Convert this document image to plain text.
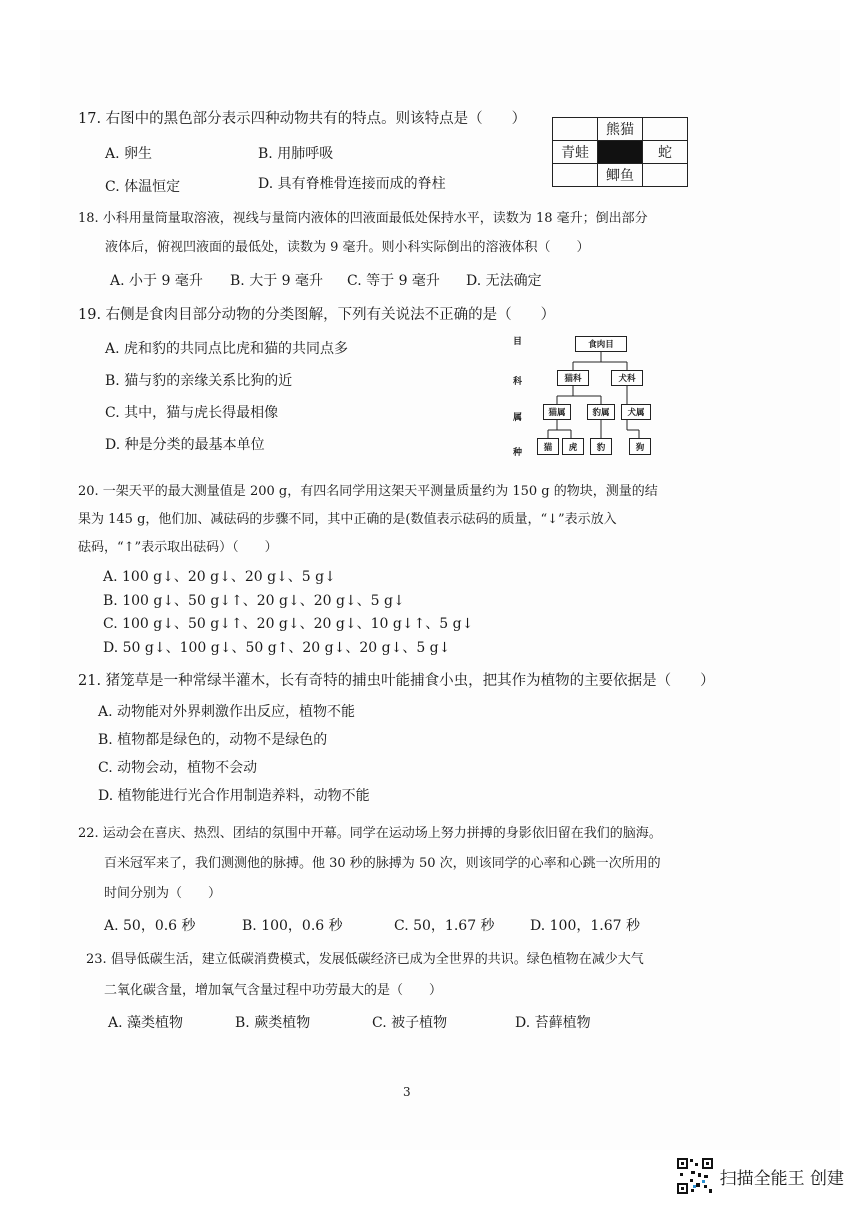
17. 右图中的黑色部分表示四种动物共有的特点。则该特点是（　　）
A. 卵生	B. 用肺呼吸
C. 体温恒定	D. 具有脊椎骨连接而成的脊柱
熊猫
青蛙	蛇
鲫鱼
18. 小科用量筒量取溶液，视线与量筒内液体的凹液面最低处保持水平，读数为 18 毫升；倒出部分
液体后，俯视凹液面的最低处，读数为 9 毫升。则小科实际倒出的溶液体积（　　）
A. 小于 9 毫升 B. 大于 9 毫升 C. 等于 9 毫升 D. 无法确定
19. 右侧是食肉目部分动物的分类图解，下列有关说法不正确的是（　　）
A. 虎和豹的共同点比虎和猫的共同点多
B. 猫与豹的亲缘关系比狗的近
C. 其中，猫与虎长得最相像
D. 种是分类的最基本单位
目
科
属
种
食肉目
猫科	犬科
猫属	豹属	犬属
猫	虎	豹	狗
20. 一架天平的最大测量值是 200 g，有四名同学用这架天平测量质量约为 150 g 的物块，测量的结
果为 145 g，他们加、减砝码的步骤不同，其中正确的是(数值表示砝码的质量，“↓”表示放入
砝码，“↑”表示取出砝码）（　　）
A. 100 g↓、20 g↓、20 g↓、5 g↓
B. 100 g↓、50 g↓↑、20 g↓、20 g↓、5 g↓
C. 100 g↓、50 g↓↑、20 g↓、20 g↓、10 g↓↑、5 g↓
D. 50 g↓、100 g↓、50 g↑、20 g↓、20 g↓、5 g↓
21. 猪笼草是一种常绿半灌木，长有奇特的捕虫叶能捕食小虫，把其作为植物的主要依据是（　　）
A. 动物能对外界刺激作出反应，植物不能
B. 植物都是绿色的，动物不是绿色的
C. 动物会动，植物不会动
D. 植物能进行光合作用制造养料，动物不能
22. 运动会在喜庆、热烈、团结的氛围中开幕。同学在运动场上努力拼搏的身影依旧留在我们的脑海。
百米冠军来了，我们测测他的脉搏。他 30 秒的脉搏为 50 次，则该同学的心率和心跳一次所用的
时间分别为（　　）
A. 50，0.6 秒	B. 100，0.6 秒	C. 50，1.67 秒	D. 100，1.67 秒
23. 倡导低碳生活，建立低碳消费模式，发展低碳经济已成为全世界的共识。绿色植物在减少大气
二氧化碳含量，增加氧气含量过程中功劳最大的是（　　）
A. 藻类植物	B. 蕨类植物	C. 被子植物	D. 苔藓植物
3
扫描全能王 创建
